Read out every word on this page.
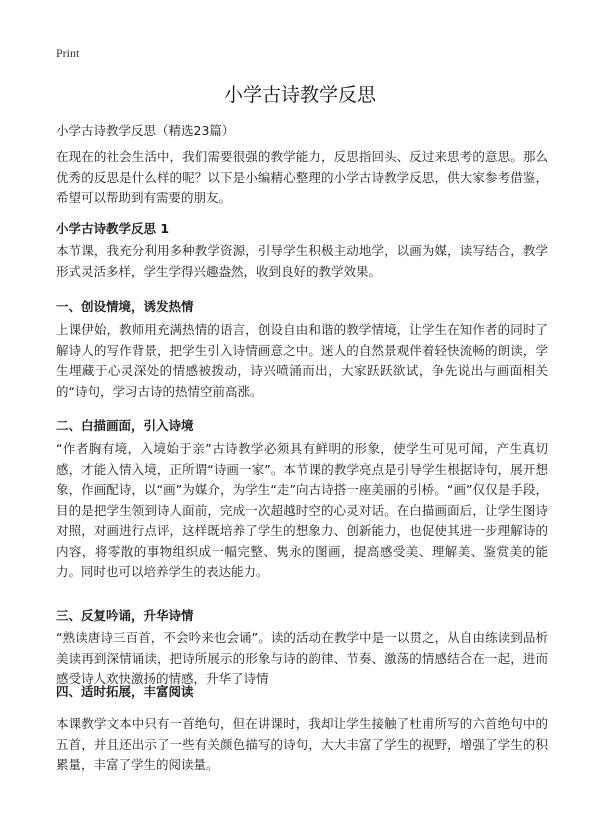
Print
小学古诗教学反思
小学古诗教学反思（精选23篇）

在现在的社会生活中，我们需要很强的教学能力，反思指回头、反过来思考的意思。那么优秀的反思是什么样的呢？以下是小编精心整理的小学古诗教学反思，供大家参考借鉴，希望可以帮助到有需要的朋友。

小学古诗教学反思 1

本节课，我充分利用多种教学资源，引导学生积极主动地学，以画为媒，读写结合，教学形式灵活多样，学生学得兴趣盎然，收到良好的教学效果。

一、创设情境，诱发热情

上课伊始，教师用充满热情的语言，创设自由和谐的教学情境，让学生在知作者的同时了解诗人的写作背景，把学生引入诗情画意之中。迷人的自然景观伴着轻快流畅的朗读，学生埋藏于心灵深处的情感被拨动，诗兴喷涌而出，大家跃跃欲试，争先说出与画面相关的“诗句，学习古诗的热情空前高涨。

二、白描画面，引入诗境

“作者胸有境，入境始于亲”古诗教学必须具有鲜明的形象，使学生可见可闻，产生真切感，才能入情入境，正所谓“诗画一家”。本节课的教学亮点是引导学生根据诗句，展开想象，作画配诗，以“画”为媒介，为学生“走”向古诗搭一座美丽的引桥。“画”仅仅是手段，目的是把学生领到诗人面前，完成一次超越时空的心灵对话。在白描画面后，让学生图诗对照，对画进行点评，这样既培养了学生的想象力、创新能力，也促使其进一步理解诗的内容，将零散的事物组织成一幅完整、隽永的图画，提高感受美、理解美、鉴赏美的能力。同时也可以培养学生的表达能力。

三、反复吟诵，升华诗情

“熟读唐诗三百首，不会吟来也会诵”。读的活动在教学中是一以贯之，从自由练读到品析美读再到深情诵读，把诗所展示的形象与诗的韵律、节奏、激荡的情感结合在一起，进而感受诗人欢快激扬的情感，升华了诗情

四、适时拓展，丰富阅读

本课教学文本中只有一首绝句，但在讲课时，我却让学生接触了杜甫所写的六首绝句中的五首，并且还出示了一些有关颜色描写的诗句，大大丰富了学生的视野，增强了学生的积累量，丰富了学生的阅读量。
